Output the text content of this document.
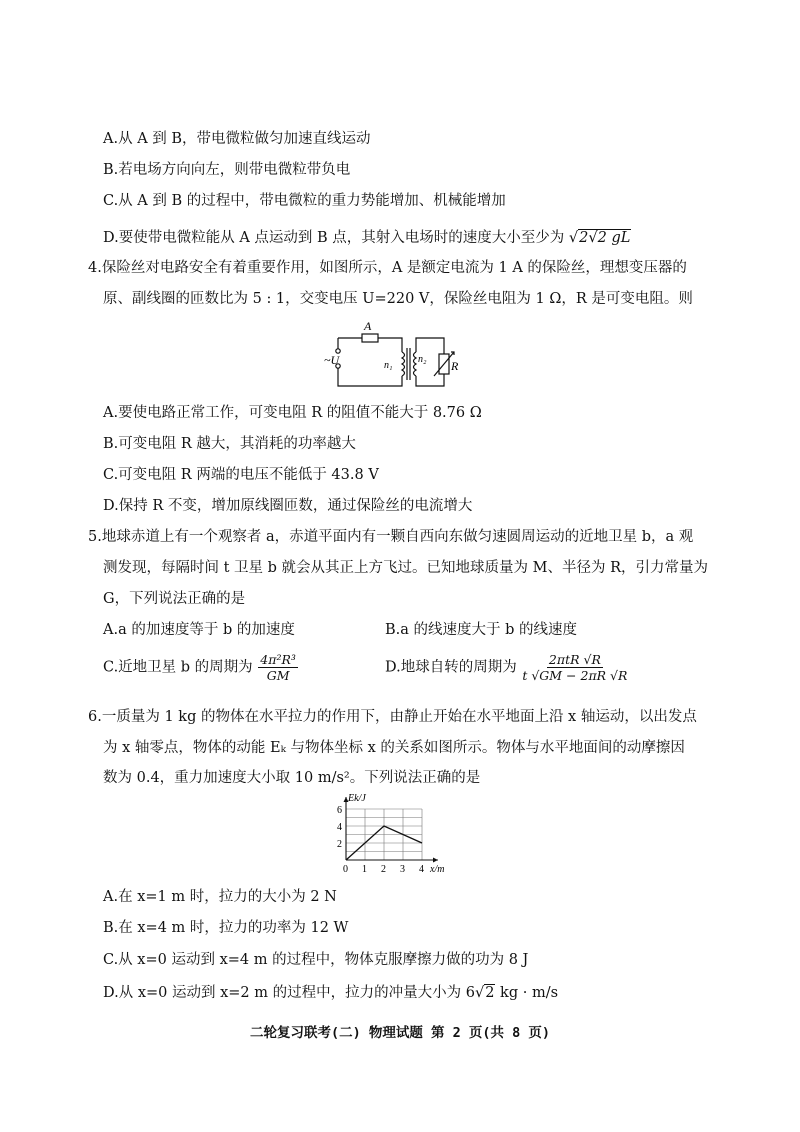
A.从 A 到 B，带电微粒做匀加速直线运动
B.若电场方向向左，则带电微粒带负电
C.从 A 到 B 的过程中，带电微粒的重力势能增加、机械能增加
D.要使带电微粒能从 A 点运动到 B 点，其射入电场时的速度大小至少为 √2√2 gL
4.保险丝对电路安全有着重要作用，如图所示，A 是额定电流为 1 A 的保险丝，理想变压器的
原、副线圈的匝数比为 5 : 1，交变电压 U=220 V，保险丝电阻为 1 Ω，R 是可变电阻。则
A
~U	n₁
n₂ R
A.要使电路正常工作，可变电阻 R 的阻值不能大于 8.76 Ω
B.可变电阻 R 越大，其消耗的功率越大
C.可变电阻 R 两端的电压不能低于 43.8 V
D.保持 R 不变，增加原线圈匝数，通过保险丝的电流增大
5.地球赤道上有一个观察者 a，赤道平面内有一颗自西向东做匀速圆周运动的近地卫星 b，a 观
测发现，每隔时间 t 卫星 b 就会从其正上方飞过。已知地球质量为 M、半径为 R，引力常量为
G，下列说法正确的是
A.a 的加速度等于 b 的加速度	B.a 的线速度大于 b 的线速度
C.近地卫星 b 的周期为 $\frac{\text{4π²R³}}{GM}$	D.地球自转的周期为 $\frac{\text{2πtR √R}}{t √GM - 2\pi R √R}$
6.一质量为 1 kg 的物体在水平拉力的作用下，由静止开始在水平地面上沿 x 轴运动，以出发点
为 x 轴零点，物体的动能 Eₖ 与物体坐标 x 的关系如图所示。物体与水平地面间的动摩擦因
数为 0.4，重力加速度大小取 10 m/s²。下列说法正确的是
0 1 2 3 4
2
4
6
x/m
Ek/J
A.在 x=1 m 时，拉力的大小为 2 N
B.在 x=4 m 时，拉力的功率为 12 W
C.从 x=0 运动到 x=4 m 的过程中，物体克服摩擦力做的功为 8 J
D.从 x=0 运动到 x=2 m 的过程中，拉力的冲量大小为 6√2 kg · m/s
二轮复习联考(二) 物理试题 第 2 页(共 8 页)
